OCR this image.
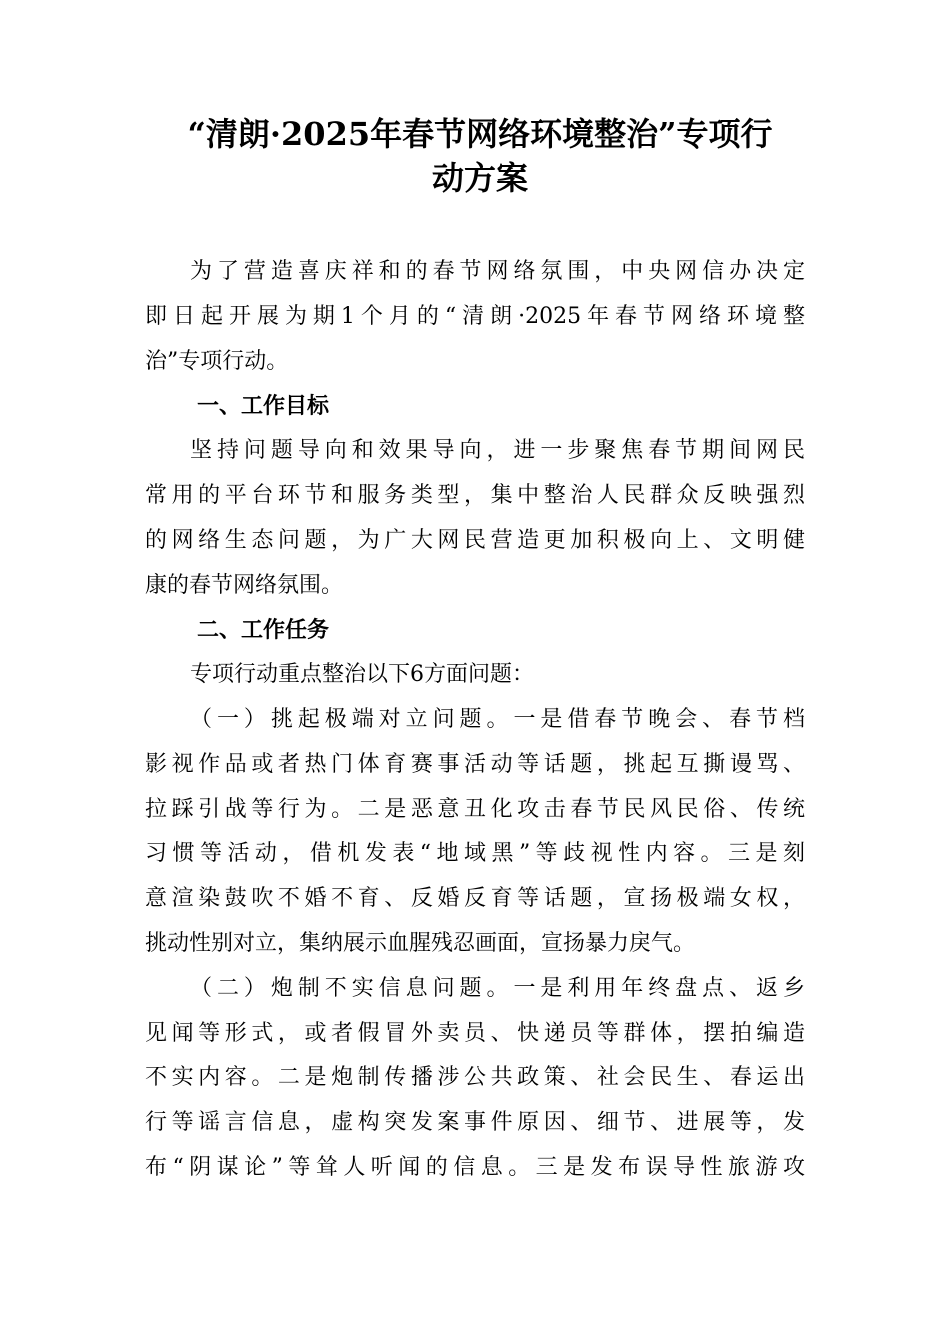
“清朗·2025年春节网络环境整治”专项行
动方案
为了营造喜庆祥和的春节网络氛围，中央网信办决定
即日起开展为期1个月的“清朗·2025年春节网络环境整
治”专项行动。
一、工作目标
坚持问题导向和效果导向，进一步聚焦春节期间网民
常用的平台环节和服务类型，集中整治人民群众反映强烈
的网络生态问题，为广大网民营造更加积极向上、文明健
康的春节网络氛围。
二、工作任务
专项行动重点整治以下6方面问题：
（一）挑起极端对立问题。一是借春节晚会、春节档
影视作品或者热门体育赛事活动等话题，挑起互撕谩骂、
拉踩引战等行为。二是恶意丑化攻击春节民风民俗、传统
习惯等活动，借机发表“地域黑”等歧视性内容。三是刻
意渲染鼓吹不婚不育、反婚反育等话题，宣扬极端女权，
挑动性别对立，集纳展示血腥残忍画面，宣扬暴力戾气。
（二）炮制不实信息问题。一是利用年终盘点、返乡
见闻等形式，或者假冒外卖员、快递员等群体，摆拍编造
不实内容。二是炮制传播涉公共政策、社会民生、春运出
行等谣言信息，虚构突发案事件原因、细节、进展等，发
布“阴谋论”等耸人听闻的信息。三是发布误导性旅游攻
